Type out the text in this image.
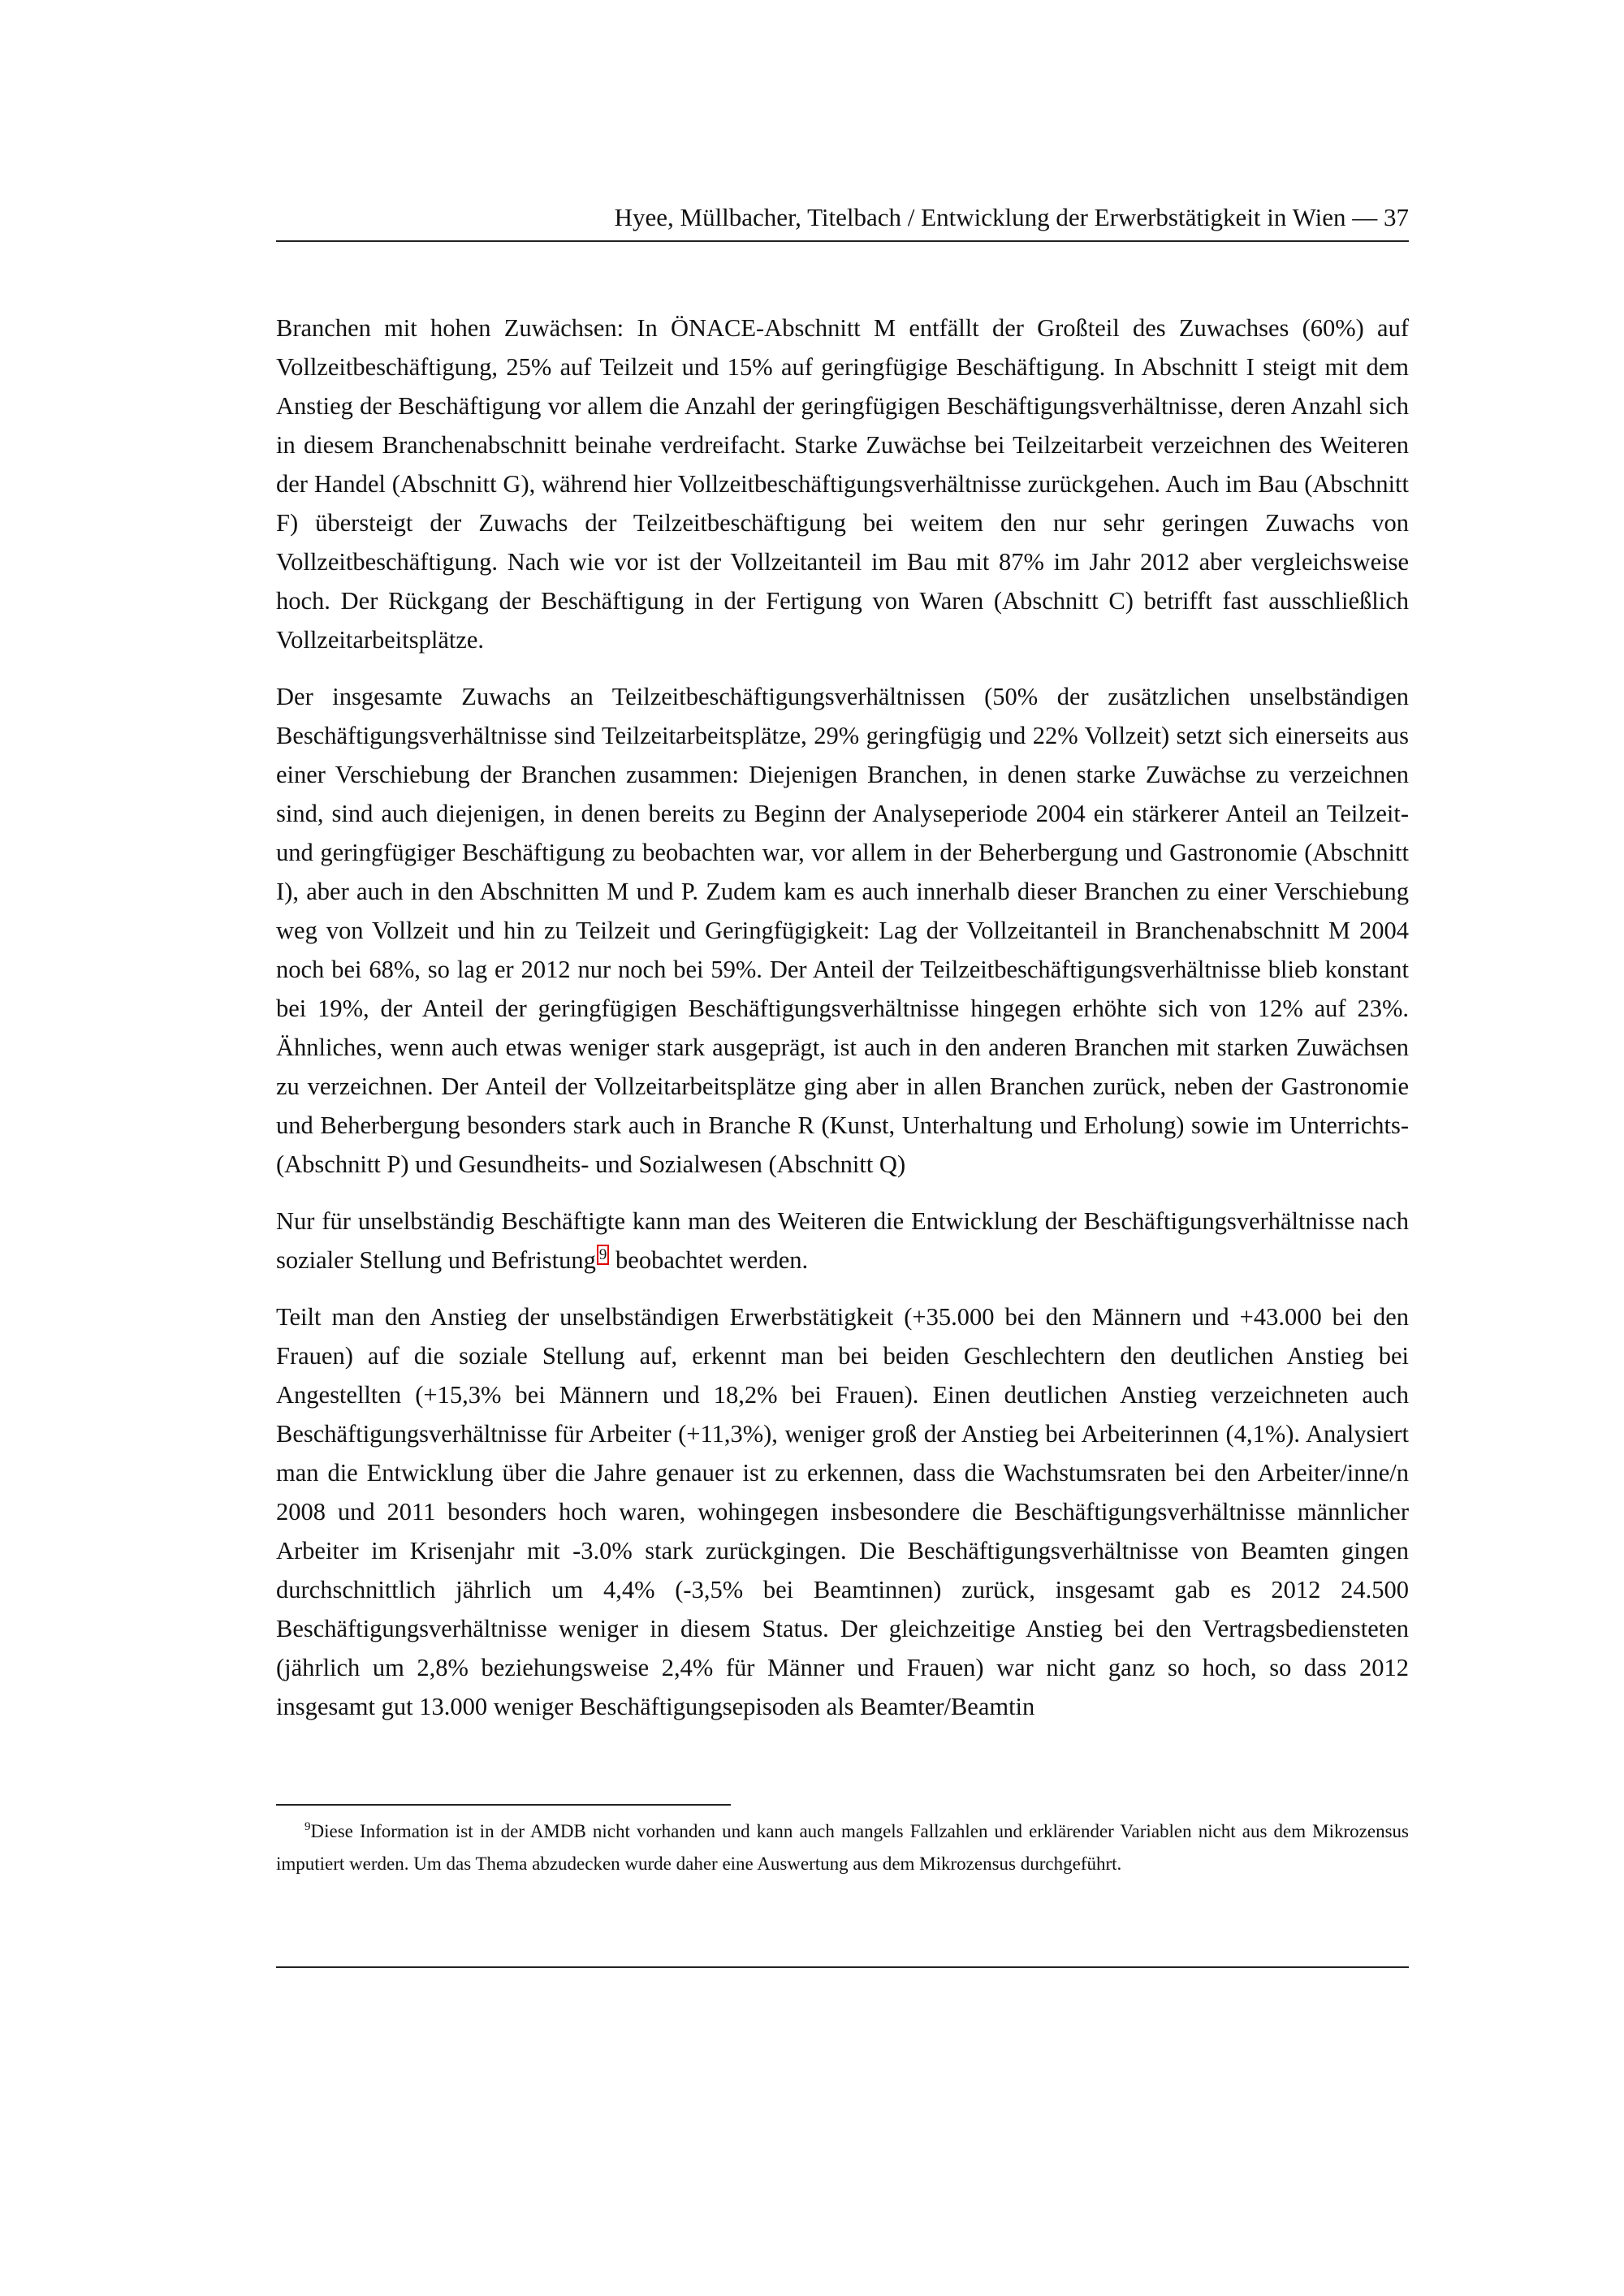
Hyee, Müllbacher, Titelbach / Entwicklung der Erwerbstätigkeit in Wien — 37

Branchen mit hohen Zuwächsen: In ÖNACE-Abschnitt M entfällt der Großteil des Zuwachses (60%) auf Vollzeitbeschäftigung, 25% auf Teilzeit und 15% auf geringfügige Beschäftigung. In Abschnitt I steigt mit dem Anstieg der Beschäftigung vor allem die Anzahl der geringfügigen Beschäftigungsverhältnisse, deren Anzahl sich in diesem Branchenabschnitt beinahe verdreifacht. Starke Zuwächse bei Teilzeitarbeit verzeichnen des Weiteren der Handel (Abschnitt G), während hier Vollzeitbeschäftigungsverhältnisse zurückgehen. Auch im Bau (Abschnitt F) übersteigt der Zuwachs der Teilzeitbeschäftigung bei weitem den nur sehr geringen Zuwachs von Vollzeitbeschäftigung. Nach wie vor ist der Vollzeitanteil im Bau mit 87% im Jahr 2012 aber vergleichsweise hoch. Der Rückgang der Beschäftigung in der Fertigung von Waren (Abschnitt C) betrifft fast ausschließlich Vollzeitarbeitsplätze.

Der insgesamte Zuwachs an Teilzeitbeschäftigungsverhältnissen (50% der zusätzlichen unselbständigen Beschäftigungsverhältnisse sind Teilzeitarbeitsplätze, 29% geringfügig und 22% Vollzeit) setzt sich einerseits aus einer Verschiebung der Branchen zusammen: Diejenigen Branchen, in denen starke Zuwächse zu verzeichnen sind, sind auch diejenigen, in denen bereits zu Beginn der Analyseperiode 2004 ein stärkerer Anteil an Teilzeit- und geringfügiger Beschäftigung zu beobachten war, vor allem in der Beherbergung und Gastronomie (Abschnitt I), aber auch in den Abschnitten M und P. Zudem kam es auch innerhalb dieser Branchen zu einer Verschiebung weg von Vollzeit und hin zu Teilzeit und Geringfügigkeit: Lag der Vollzeitanteil in Branchenabschnitt M 2004 noch bei 68%, so lag er 2012 nur noch bei 59%. Der Anteil der Teilzeitbeschäftigungsverhältnisse blieb konstant bei 19%, der Anteil der geringfügigen Beschäftigungsverhältnisse hingegen erhöhte sich von 12% auf 23%. Ähnliches, wenn auch etwas weniger stark ausgeprägt, ist auch in den anderen Branchen mit starken Zuwächsen zu verzeichnen. Der Anteil der Vollzeitarbeitsplätze ging aber in allen Branchen zurück, neben der Gastronomie und Beherbergung besonders stark auch in Branche R (Kunst, Unterhaltung und Erholung) sowie im Unterrichts- (Abschnitt P) und Gesundheits- und Sozialwesen (Abschnitt Q)

Nur für unselbständig Beschäftigte kann man des Weiteren die Entwicklung der Beschäftigungsverhältnisse nach sozialer Stellung und Befristung $^9$ beobachtet werden.

Teilt man den Anstieg der unselbständigen Erwerbstätigkeit (+35.000 bei den Männern und +43.000 bei den Frauen) auf die soziale Stellung auf, erkennt man bei beiden Geschlechtern den deutlichen Anstieg bei Angestellten (+15,3% bei Männern und 18,2% bei Frauen). Einen deutlichen Anstieg verzeichneten auch Beschäftigungsverhältnisse für Arbeiter (+11,3%), weniger groß der Anstieg bei Arbeiterinnen (4,1%). Analysiert man die Entwicklung über die Jahre genauer ist zu erkennen, dass die Wachstumsraten bei den Arbeiter/inne/n 2008 und 2011 besonders hoch waren, wohingegen insbesondere die Beschäftigungsverhältnisse männlicher Arbeiter im Krisenjahr mit -3.0% stark zurückgingen. Die Beschäftigungsverhältnisse von Beamten gingen durchschnittlich jährlich um 4,4% (-3,5% bei Beamtinnen) zurück, insgesamt gab es 2012 24.500 Beschäftigungsverhältnisse weniger in diesem Status. Der gleichzeitige Anstieg bei den Vertragsbediensteten (jährlich um 2,8% beziehungsweise 2,4% für Männer und Frauen) war nicht ganz so hoch, so dass 2012 insgesamt gut 13.000 weniger Beschäftigungsepisoden als Beamter/Beamtin

$^9$Diese Information ist in der AMDB nicht vorhanden und kann auch mangels Fallzahlen und erklärender Variablen nicht aus dem Mikrozensus imputiert werden. Um das Thema abzudecken wurde daher eine Auswertung aus dem Mikrozensus durchgeführt.
